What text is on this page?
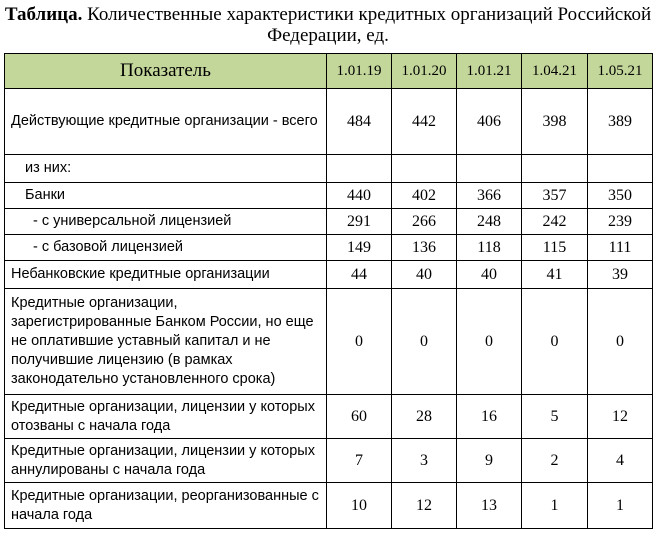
Таблица. Количественные характеристики кредитных организаций Российской Федерации, ед.
Показатель	1.01.19	1.01.20	1.01.21	1.04.21	1.05.21
Действующие кредитные организации - всего	484	442	406	398	389
из них:					
Банки	440	402	366	357	350
- с универсальной лицензией	291	266	248	242	239
- с базовой лицензией	149	136	118	115	111
Небанковские кредитные организации	44	40	40	41	39
Кредитные организации, зарегистрированные Банком России, но еще не оплатившие уставный капитал и не получившие лицензию (в рамках законодательно установленного срока)	0	0	0	0	0
Кредитные организации, лицензии у которых отозваны с начала года	60	28	16	5	12
Кредитные организации, лицензии у которых аннулированы с начала года	7	3	9	2	4
Кредитные организации, реорганизованные с начала года	10	12	13	1	1
